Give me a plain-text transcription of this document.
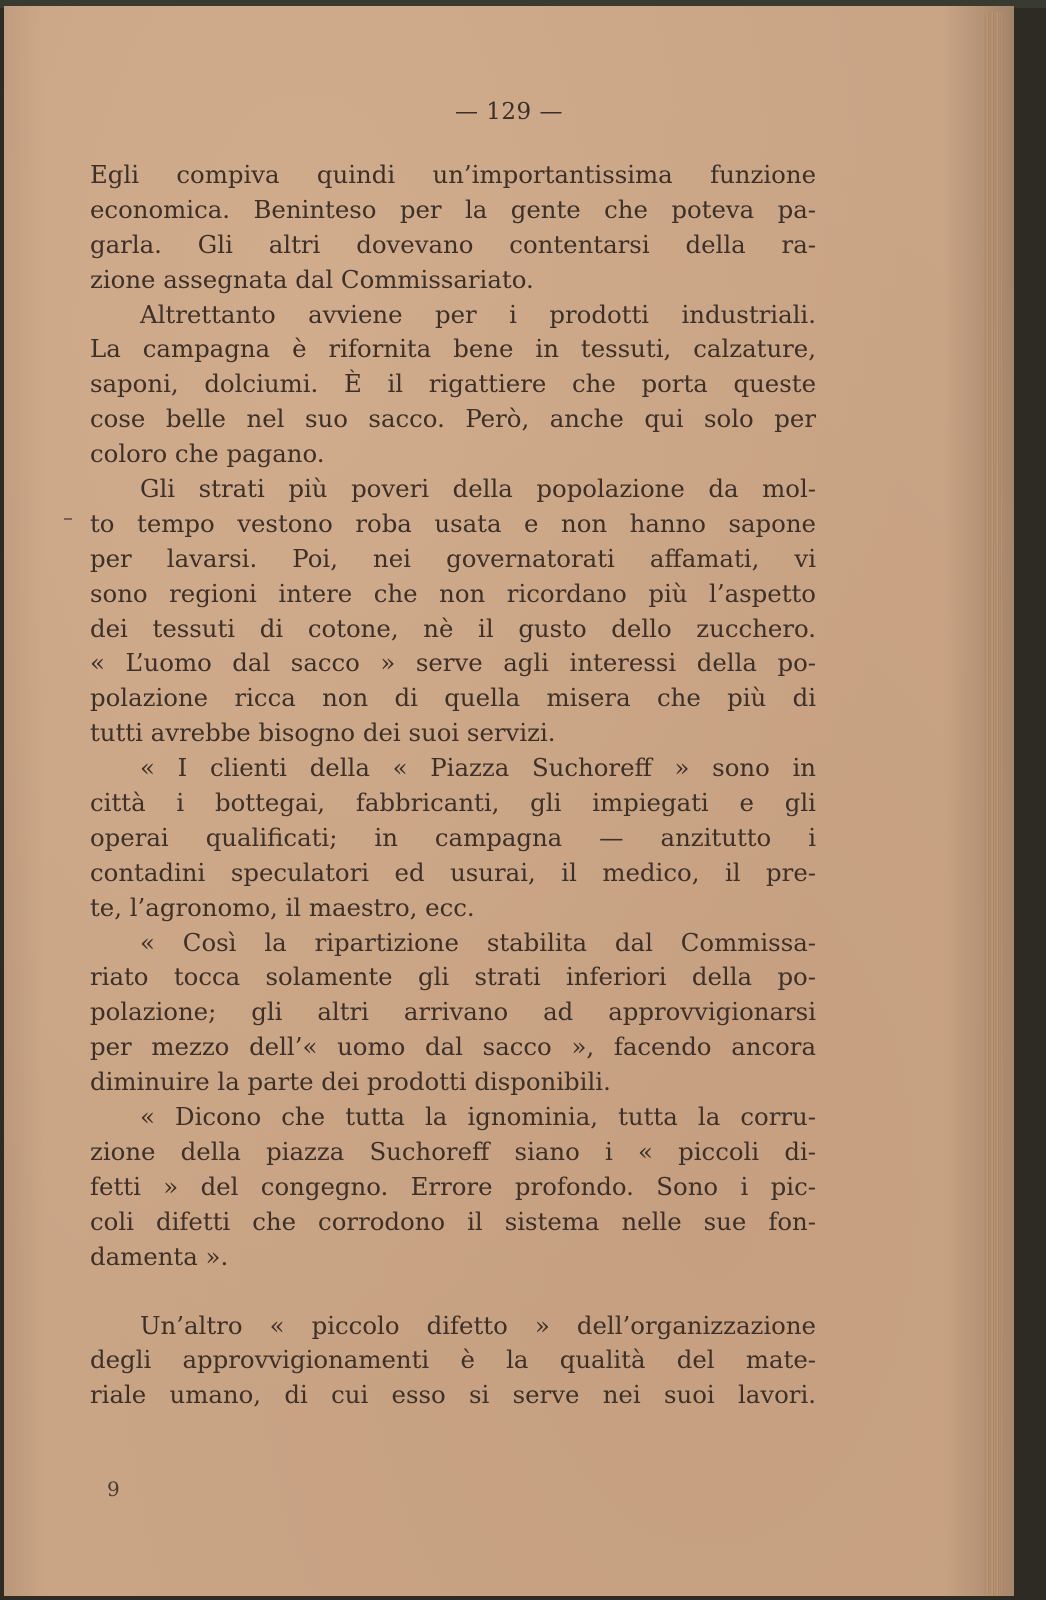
— 129 —
Egli compiva quindi un’importantissima funzione
economica. Beninteso per la gente che poteva pa-
garla. Gli altri dovevano contentarsi della ra-
zione assegnata dal Commissariato.
Altrettanto avviene per i prodotti industriali.
La campagna è rifornita bene in tessuti, calzature,
saponi, dolciumi. È il rigattiere che porta queste
cose belle nel suo sacco. Però, anche qui solo per
coloro che pagano.
Gli strati più poveri della popolazione da mol-
to tempo vestono roba usata e non hanno sapone
per lavarsi. Poi, nei governatorati affamati, vi
sono regioni intere che non ricordano più l’aspetto
dei tessuti di cotone, nè il gusto dello zucchero.
« L’uomo dal sacco » serve agli interessi della po-
polazione ricca non di quella misera che più di
tutti avrebbe bisogno dei suoi servizi.
« I clienti della « Piazza Suchoreff » sono in
città i bottegai, fabbricanti, gli impiegati e gli
operai qualificati; in campagna — anzitutto i
contadini speculatori ed usurai, il medico, il pre-
te, l’agronomo, il maestro, ecc.
« Così la ripartizione stabilita dal Commissa-
riato tocca solamente gli strati inferiori della po-
polazione; gli altri arrivano ad approvvigionarsi
per mezzo dell’« uomo dal sacco », facendo ancora
diminuire la parte dei prodotti disponibili.
« Dicono che tutta la ignominia, tutta la corru-
zione della piazza Suchoreff siano i « piccoli di-
fetti » del congegno. Errore profondo. Sono i pic-
coli difetti che corrodono il sistema nelle sue fon-
damenta ».
Un’altro « piccolo difetto » dell’organizzazione
degli approvvigionamenti è la qualità del mate-
riale umano, di cui esso si serve nei suoi lavori.
9
